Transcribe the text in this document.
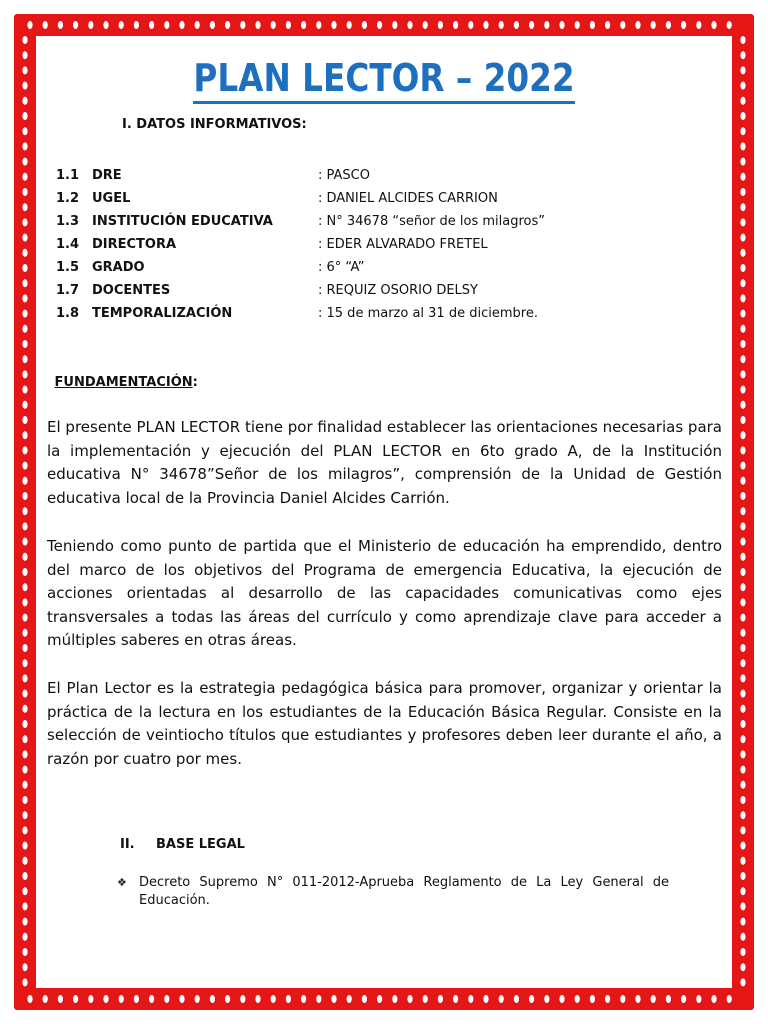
PLAN LECTOR – 2022
I. DATOS INFORMATIVOS:
1.1 DRE	: PASCO
1.2 UGEL	: DANIEL ALCIDES CARRION
1.3 INSTITUCIÓN EDUCATIVA	: N° 34678 “señor de los milagros”
1.4 DIRECTORA	: EDER ALVARADO FRETEL
1.5 GRADO	: 6° “A”
1.7 DOCENTES	: REQUIZ OSORIO DELSY
1.8 TEMPORALIZACIÓN	: 15 de marzo al 31 de diciembre.
FUNDAMENTACIÓN:
El presente PLAN LECTOR tiene por finalidad establecer las orientaciones necesarias para la implementación y ejecución del PLAN LECTOR en 6to grado A, de la Institución educativa N° 34678”Señor de los milagros”, comprensión de la Unidad de Gestión educativa local de la Provincia Daniel Alcides Carrión.
Teniendo como punto de partida que el Ministerio de educación ha emprendido, dentro del marco de los objetivos del Programa de emergencia Educativa, la ejecución de acciones orientadas al desarrollo de las capacidades comunicativas como ejes transversales a todas las áreas del currículo y como aprendizaje clave para acceder a múltiples saberes en otras áreas.
El Plan Lector es la estrategia pedagógica básica para promover, organizar y orientar la práctica de la lectura en los estudiantes de la Educación Básica Regular. Consiste en la selección de veintiocho títulos que estudiantes y profesores deben leer durante el año, a razón por cuatro por mes.
II. BASE LEGAL
❖ Decreto Supremo N° 011-2012-Aprueba Reglamento de La Ley General de Educación.
